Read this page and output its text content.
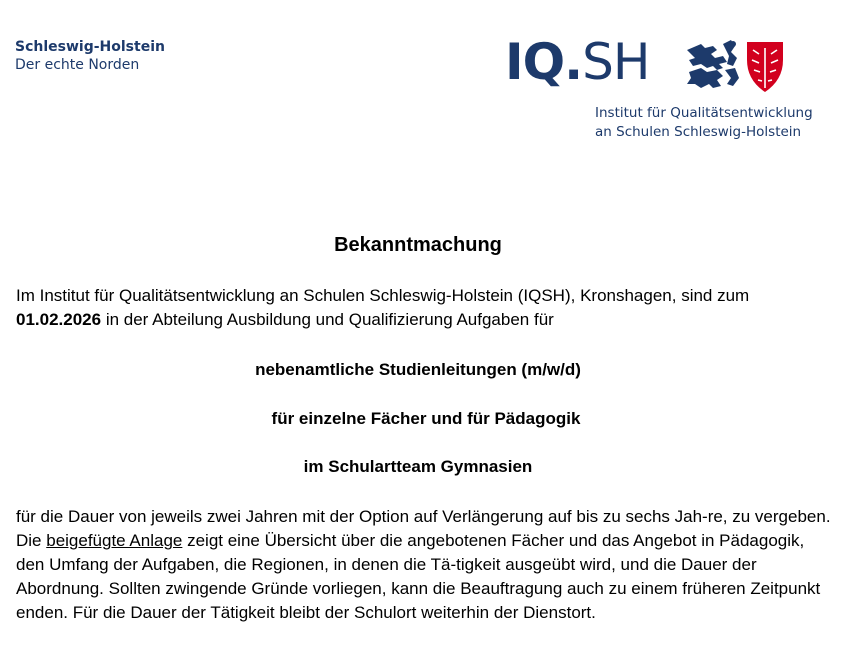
Schleswig-Holstein
Der echte Norden	IQ.SH
Institut für Qualitätsentwicklung
an Schulen Schleswig-Holstein
Bekanntmachung
Im Institut für Qualitätsentwicklung an Schulen Schleswig-Holstein (IQSH), Kronshagen, sind zum 01.02.2026 in der Abteilung Ausbildung und Qualifizierung Aufgaben für
nebenamtliche Studienleitungen (m/w/d)
für einzelne Fächer und für Pädagogik
im Schulartteam Gymnasien
für die Dauer von jeweils zwei Jahren mit der Option auf Verlängerung auf bis zu sechs Jah-re, zu vergeben. Die beigefügte Anlage zeigt eine Übersicht über die angebotenen Fächer und das Angebot in Pädagogik, den Umfang der Aufgaben, die Regionen, in denen die Tä-tigkeit ausgeübt wird, und die Dauer der Abordnung. Sollten zwingende Gründe vorliegen, kann die Beauftragung auch zu einem früheren Zeitpunkt enden. Für die Dauer der Tätigkeit bleibt der Schulort weiterhin der Dienstort.
